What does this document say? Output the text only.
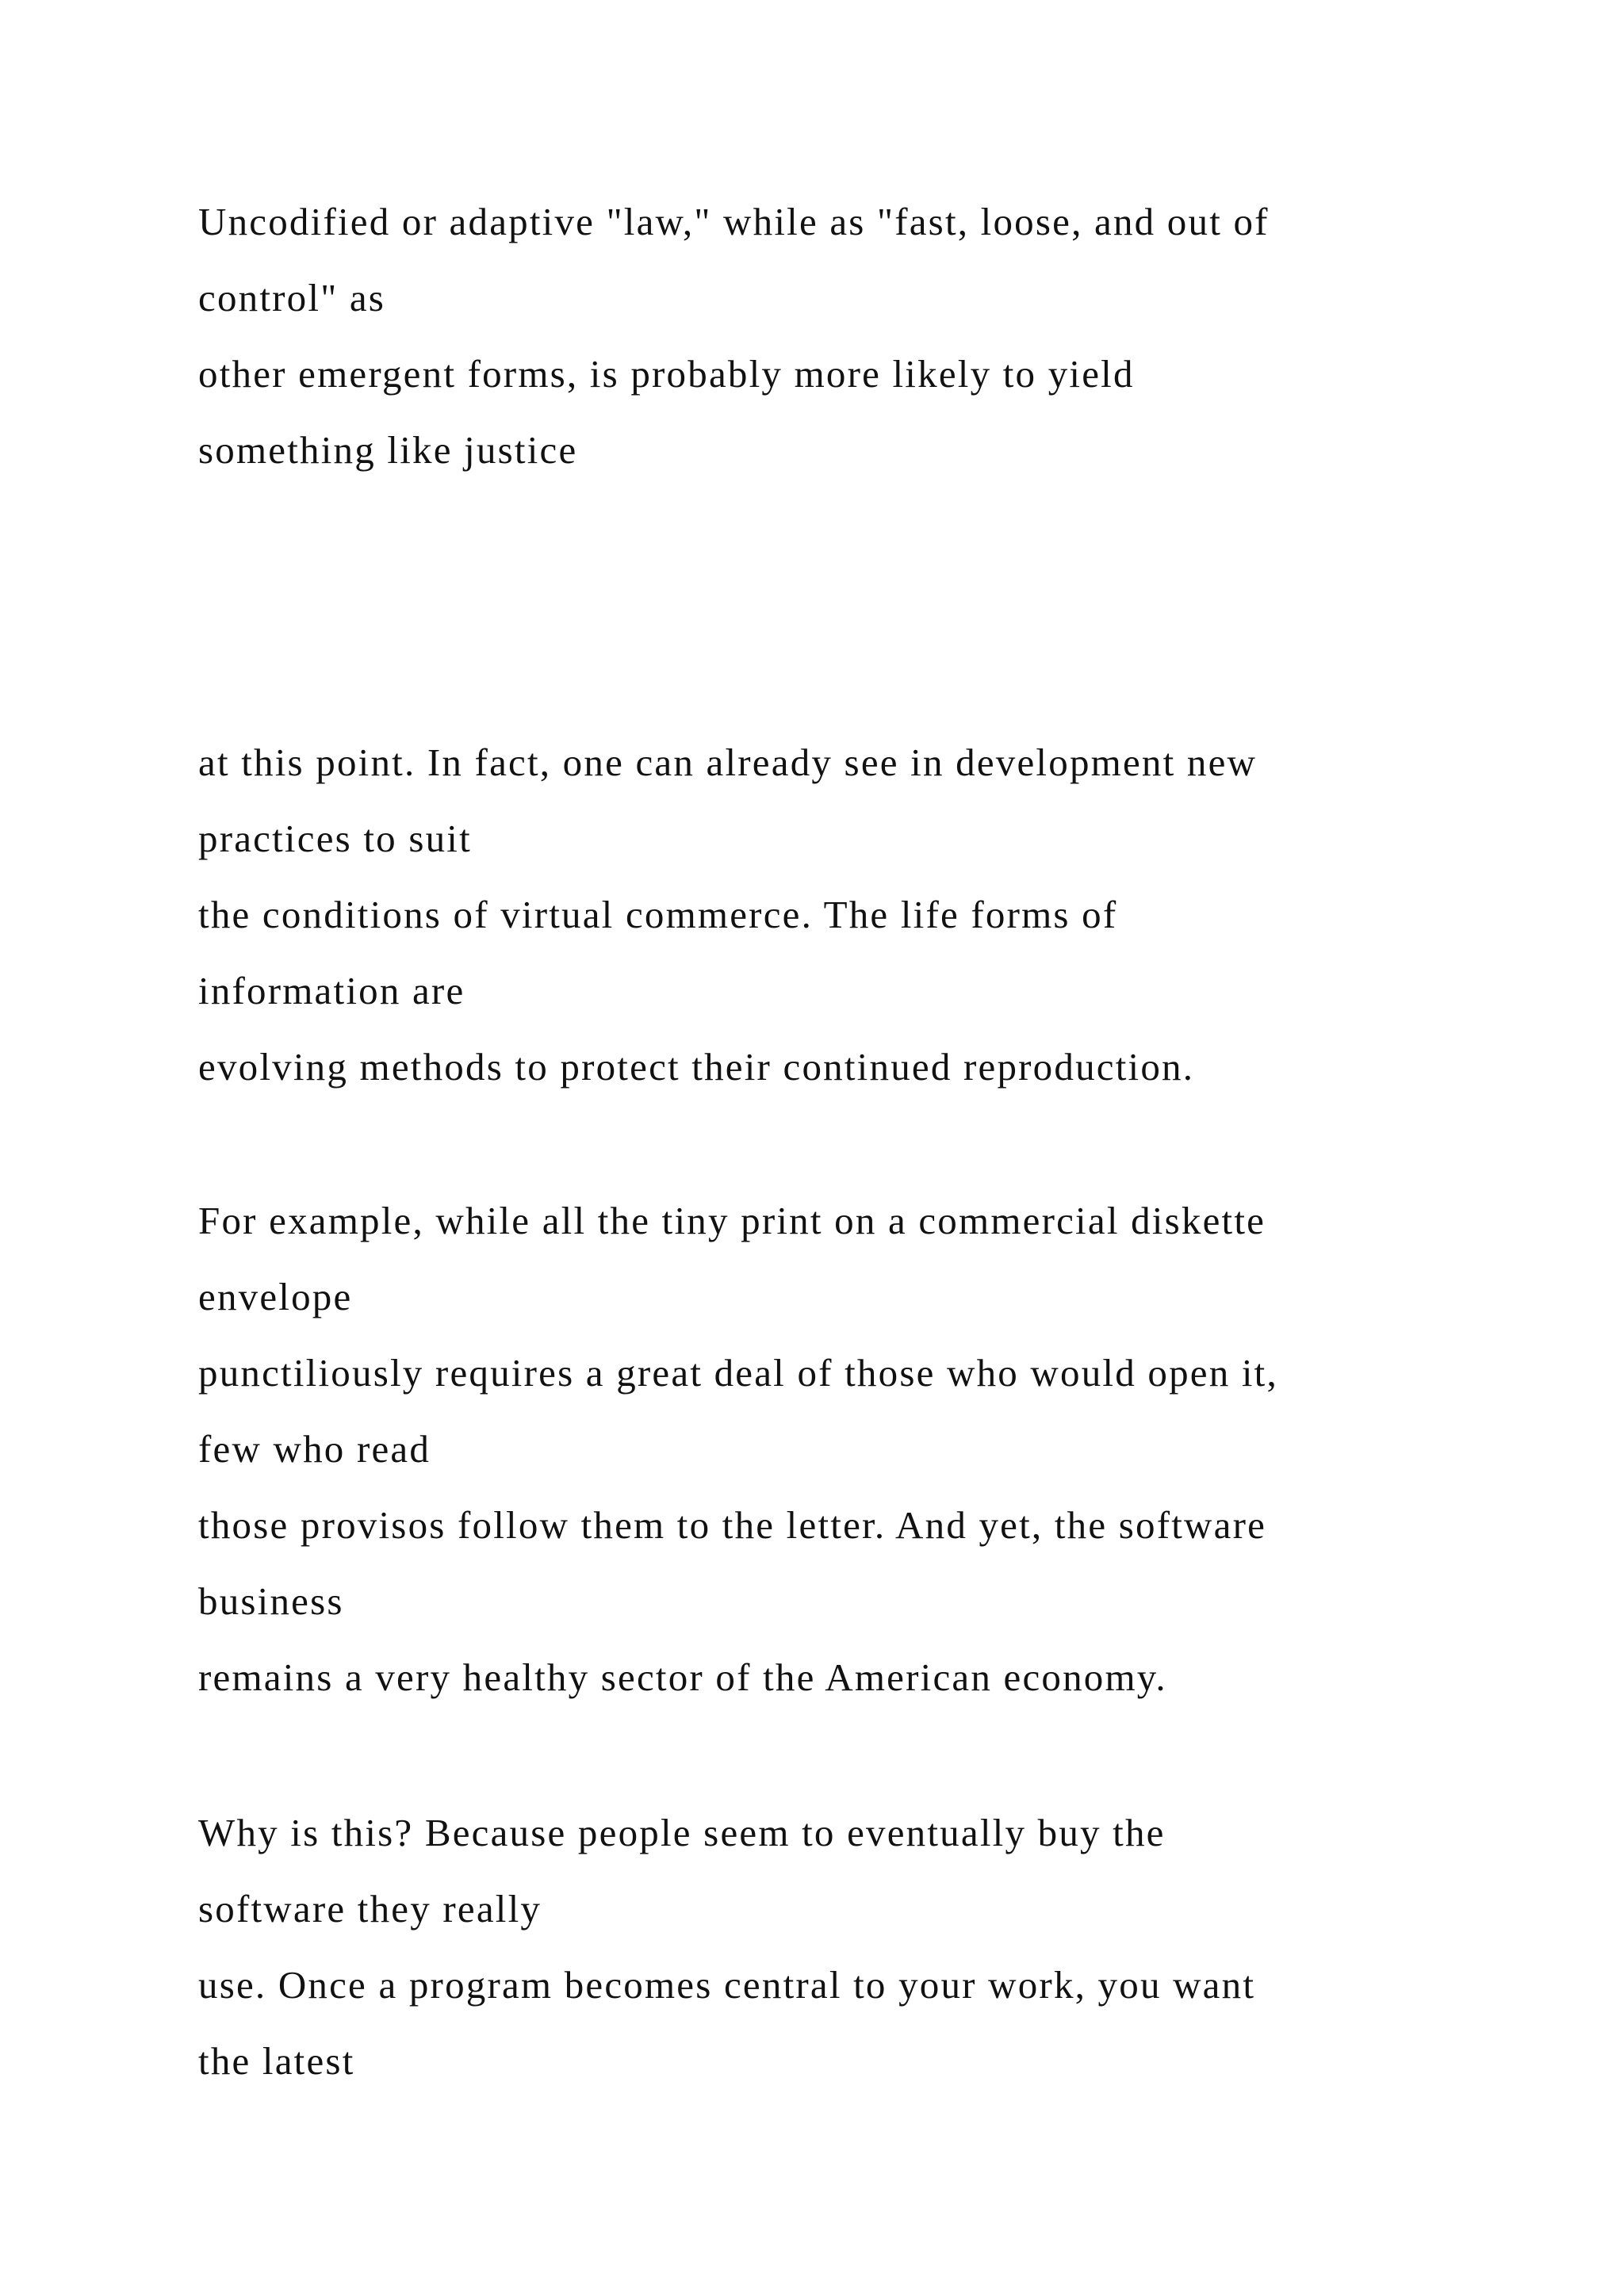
Uncodified or adaptive "law," while as "fast, loose, and out of

control" as

other emergent forms, is probably more likely to yield

something like justice

at this point. In fact, one can already see in development new

practices to suit

the conditions of virtual commerce. The life forms of

information are

evolving methods to protect their continued reproduction.

For example, while all the tiny print on a commercial diskette

envelope

punctiliously requires a great deal of those who would open it,

few who read

those provisos follow them to the letter. And yet, the software

business

remains a very healthy sector of the American economy.

Why is this? Because people seem to eventually buy the

software they really

use. Once a program becomes central to your work, you want

the latest
